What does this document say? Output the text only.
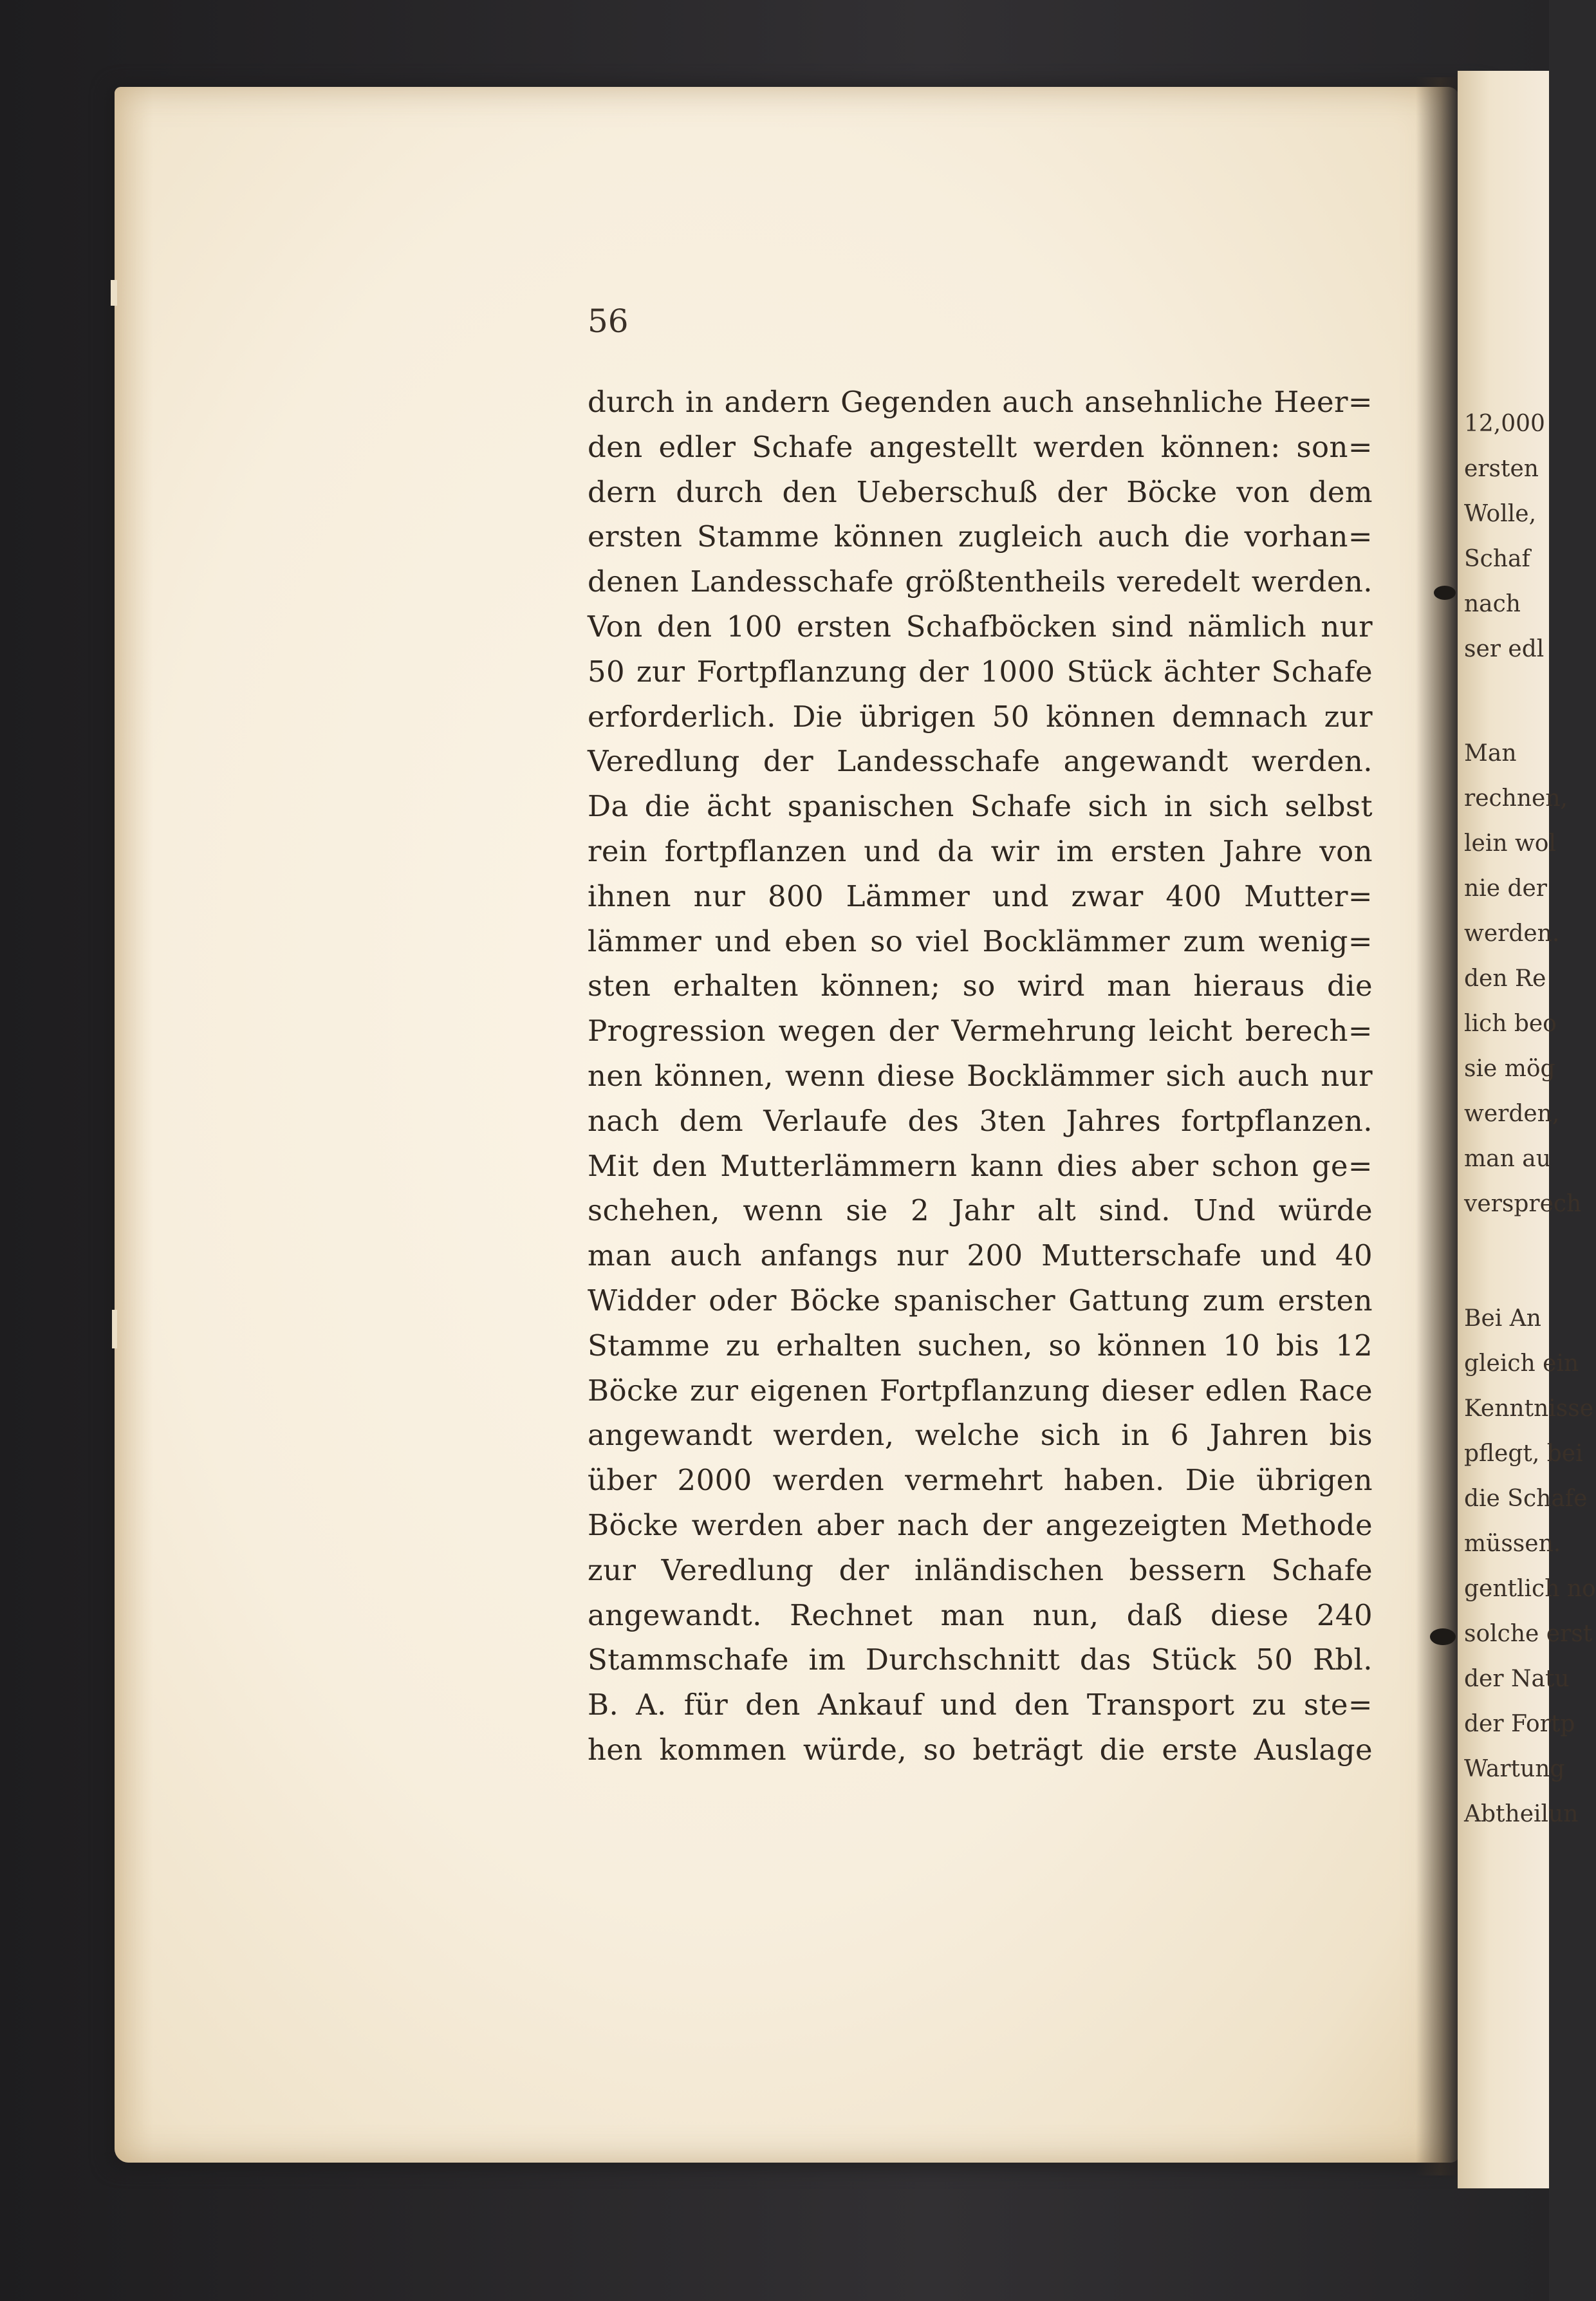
56
durch in andern Gegenden auch ansehnliche Heer=
den edler Schafe angestellt werden können: son=
dern durch den Ueberschuß der Böcke von dem
ersten Stamme können zugleich auch die vorhan=
denen Landesschafe größtentheils veredelt werden.
Von den 100 ersten Schafböcken sind nämlich nur
50 zur Fortpflanzung der 1000 Stück ächter Schafe
erforderlich. Die übrigen 50 können demnach zur
Veredlung der Landesschafe angewandt werden.
Da die ächt spanischen Schafe sich in sich selbst
rein fortpflanzen und da wir im ersten Jahre von
ihnen nur 800 Lämmer und zwar 400 Mutter=
lämmer und eben so viel Bocklämmer zum wenig=
sten erhalten können; so wird man hieraus die
Progression wegen der Vermehrung leicht berech=
nen können, wenn diese Bocklämmer sich auch nur
nach dem Verlaufe des 3ten Jahres fortpflanzen.
Mit den Mutterlämmern kann dies aber schon ge=
schehen, wenn sie 2 Jahr alt sind. Und würde
man auch anfangs nur 200 Mutterschafe und 40
Widder oder Böcke spanischer Gattung zum ersten
Stamme zu erhalten suchen, so können 10 bis 12
Böcke zur eigenen Fortpflanzung dieser edlen Race
angewandt werden, welche sich in 6 Jahren bis
über 2000 werden vermehrt haben. Die übrigen
Böcke werden aber nach der angezeigten Methode
zur Veredlung der inländischen bessern Schafe
angewandt. Rechnet man nun, daß diese 240
Stammschafe im Durchschnitt das Stück 50 Rbl.
B. A. für den Ankauf und den Transport zu ste=
hen kommen würde, so beträgt die erste Auslage
12,000
ersten
Wolle,
Schaf
nach
ser edl
Man
rechnen,
lein wol
nie der
werden.
den Re
lich beo
sie mög
werden,
man au
versprech
Bei An
gleich ein
Kenntnisse
pflegt, bei
die Schafe
müssen.
gentlich no
solche erst
der Natu
der Fortp
Wartung
Abtheilun
